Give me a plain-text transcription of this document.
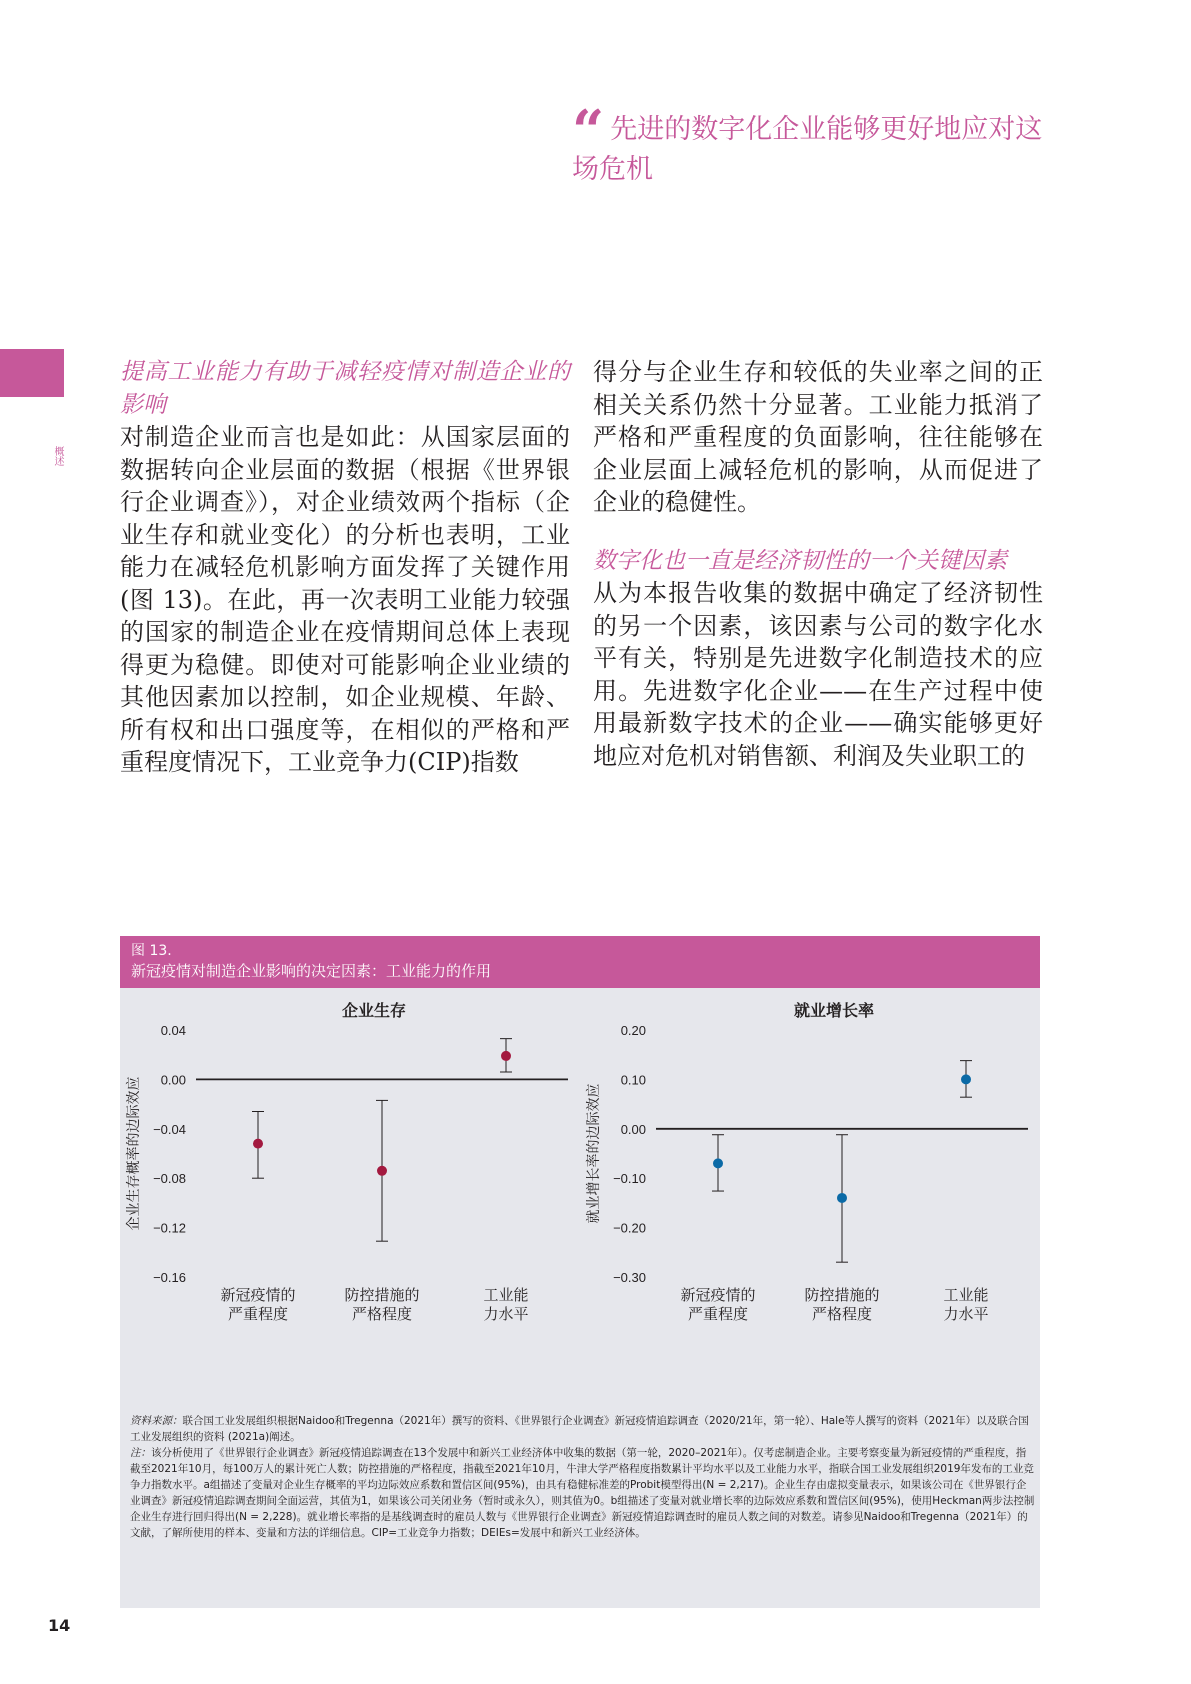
“ 先进的数字化企业能够更好地应对这场危机
概述

提高工业能力有助于减轻疫情对制造企业的影响

对制造企业而言也是如此：从国家层面的数据转向企业层面的数据（根据《世界银行企业调查》），对企业绩效两个指标（企业生存和就业变化）的分析也表明，工业能力在减轻危机影响方面发挥了关键作用(图 13)。在此，再一次表明工业能力较强的国家的制造企业在疫情期间总体上表现得更为稳健。即使对可能影响企业业绩的其他因素加以控制，如企业规模、年龄、所有权和出口强度等，在相似的严格和严重程度情况下，工业竞争力(CIP)指数

得分与企业生存和较低的失业率之间的正相关关系仍然十分显著。工业能力抵消了严格和严重程度的负面影响，往往能够在企业层面上减轻危机的影响，从而促进了企业的稳健性。

数字化也一直是经济韧性的一个关键因素

从为本报告收集的数据中确定了经济韧性的另一个因素，该因素与公司的数字化水平有关，特别是先进数字化制造技术的应用。先进数字化企业——在生产过程中使用最新数字技术的企业——确实能够更好地应对危机对销售额、利润及失业职工的

图 13.
新冠疫情对制造企业影响的决定因素：工业能力的作用
企业生存
企业生存概率的边际效应
0.04
0.00
−0.04
−0.08
−0.12
−0.16
新冠疫情的
严重程度
防控措施的
严格程度
工业能
力水平
就业增长率
就业增长率的边际效应
0.20
0.10
0.00
−0.10
−0.20
−0.30
新冠疫情的
严重程度
防控措施的
严格程度
工业能
力水平

资料来源：联合国工业发展组织根据Naidoo和Tregenna（2021年）撰写的资料、《世界银行企业调查》新冠疫情追踪调查（2020/21年，第一轮）、Hale等人撰写的资料（2021年）以及联合国工业发展组织的资料 (2021a)阐述。

注：该分析使用了《世界银行企业调查》新冠疫情追踪调查在13个发展中和新兴工业经济体中收集的数据（第一轮，2020–2021年）。仅考虑制造企业。主要考察变量为新冠疫情的严重程度，指截至2021年10月，每100万人的累计死亡人数；防控措施的严格程度，指截至2021年10月，牛津大学严格程度指数累计平均水平以及工业能力水平，指联合国工业发展组织2019年发布的工业竞争力指数水平。a组描述了变量对企业生存概率的平均边际效应系数和置信区间(95%)，由具有稳健标准差的Probit模型得出(N = 2,217)。企业生存由虚拟变量表示，如果该公司在《世界银行企业调查》新冠疫情追踪调查期间全面运营，其值为1，如果该公司关闭业务（暂时或永久），则其值为0。b组描述了变量对就业增长率的边际效应系数和置信区间(95%)，使用Heckman两步法控制企业生存进行回归得出(N = 2,228)。就业增长率指的是基线调查时的雇员人数与《世界银行企业调查》新冠疫情追踪调查时的雇员人数之间的对数差。请参见Naidoo和Tregenna（2021年）的文献，了解所使用的样本、变量和方法的详细信息。CIP=工业竞争力指数；DEIEs=发展中和新兴工业经济体。

14
